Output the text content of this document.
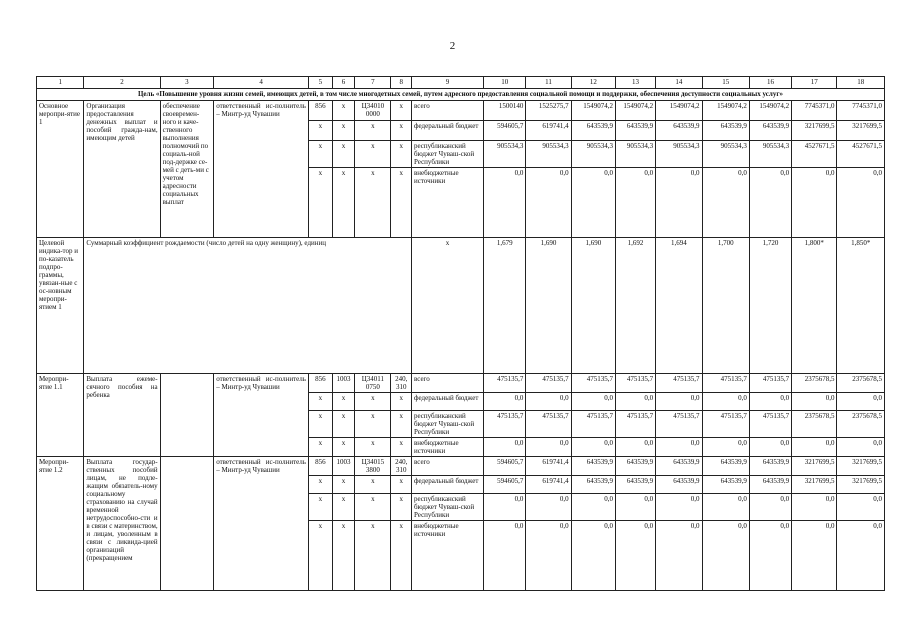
2
1	2	3	4	5	6	7	8	9	10	11	12	13	14	15	16	17	18
Цель «Повышение уровня жизни семей, имеющих детей, в том числе многодетных семей, путем адресного предоставления социальной помощи и поддержки, обеспечения доступности социальных услуг»																	
Основное меропри-ятие 1	Организация предоставления денежных выплат и пособий гражда-нам, имеющим детей	обеспечение своевремен-ного и каче-ственного выполнения полномочий по социаль-ной под-держке се-мей с деть-ми с учетом адресности социальных выплат	ответственный ис-полнитель – Минтр-уд Чувашии	856	x	Ц34010 0000	x	всего	1500140	1525275,7	1549074,2	1549074,2	1549074,2	1549074,2	1549074,2	7745371,0	7745371,0
				x	x	x	x	федеральный бюджет	594605,7	619741,4	643539,9	643539,9	643539,9	643539,9	643539,9	3217699,5	3217699,5
				x	x	x	x	республиканский бюджет Чуваш-ской Республики	905534,3	905534,3	905534,3	905534,3	905534,3	905534,3	905534,3	4527671,5	4527671,5
				x	x	x	x	внебюджетные источники	0,0	0,0	0,0	0,0	0,0	0,0	0,0	0,0	0,0
Целевой индика-тор и по-казатель подпро-граммы, увязан-ные с ос-новным меропри-ятием 1	Суммарный коэффициент рождаемости (число детей на одну женщину), единиц							x	1,679	1,690	1,690	1,692	1,694	1,700	1,720	1,800*	1,850*
Меропри-ятие 1.1	Выплата ежеме-сячного пособия на ребенка		ответственный ис-полнитель – Минтр-уд Чувашии	856	1003	Ц34011 0750	240, 310	всего	475135,7	475135,7	475135,7	475135,7	475135,7	475135,7	475135,7	2375678,5	2375678,5
				x	x	x	x	федеральный бюджет	0,0	0,0	0,0	0,0	0,0	0,0	0,0	0,0	0,0
				x	x	x	x	республиканский бюджет Чуваш-ской Республики	475135,7	475135,7	475135,7	475135,7	475135,7	475135,7	475135,7	2375678,5	2375678,5
				x	x	x	x	внебюджетные источники	0,0	0,0	0,0	0,0	0,0	0,0	0,0	0,0	0,0
Меропри-ятие 1.2	Выплата государ-ственных пособий лицам, не подле-жащим обязатель-ному социальному страхованию на случай временной нетрудоспособно-сти и в связи с материнством, и лицам, уволенным в связи с ликвида-цией организаций (прекращением		ответственный ис-полнитель – Минтр-уд Чувашии	856	1003	Ц34015 3800	240, 310	всего	594605,7	619741,4	643539,9	643539,9	643539,9	643539,9	643539,9	3217699,5	3217699,5
				x	x	x	x	федеральный бюджет	594605,7	619741,4	643539,9	643539,9	643539,9	643539,9	643539,9	3217699,5	3217699,5
				x	x	x	x	республиканский бюджет Чуваш-ской Республики	0,0	0,0	0,0	0,0	0,0	0,0	0,0	0,0	0,0
				x	x	x	x	внебюджетные источники	0,0	0,0	0,0	0,0	0,0	0,0	0,0	0,0	0,0
